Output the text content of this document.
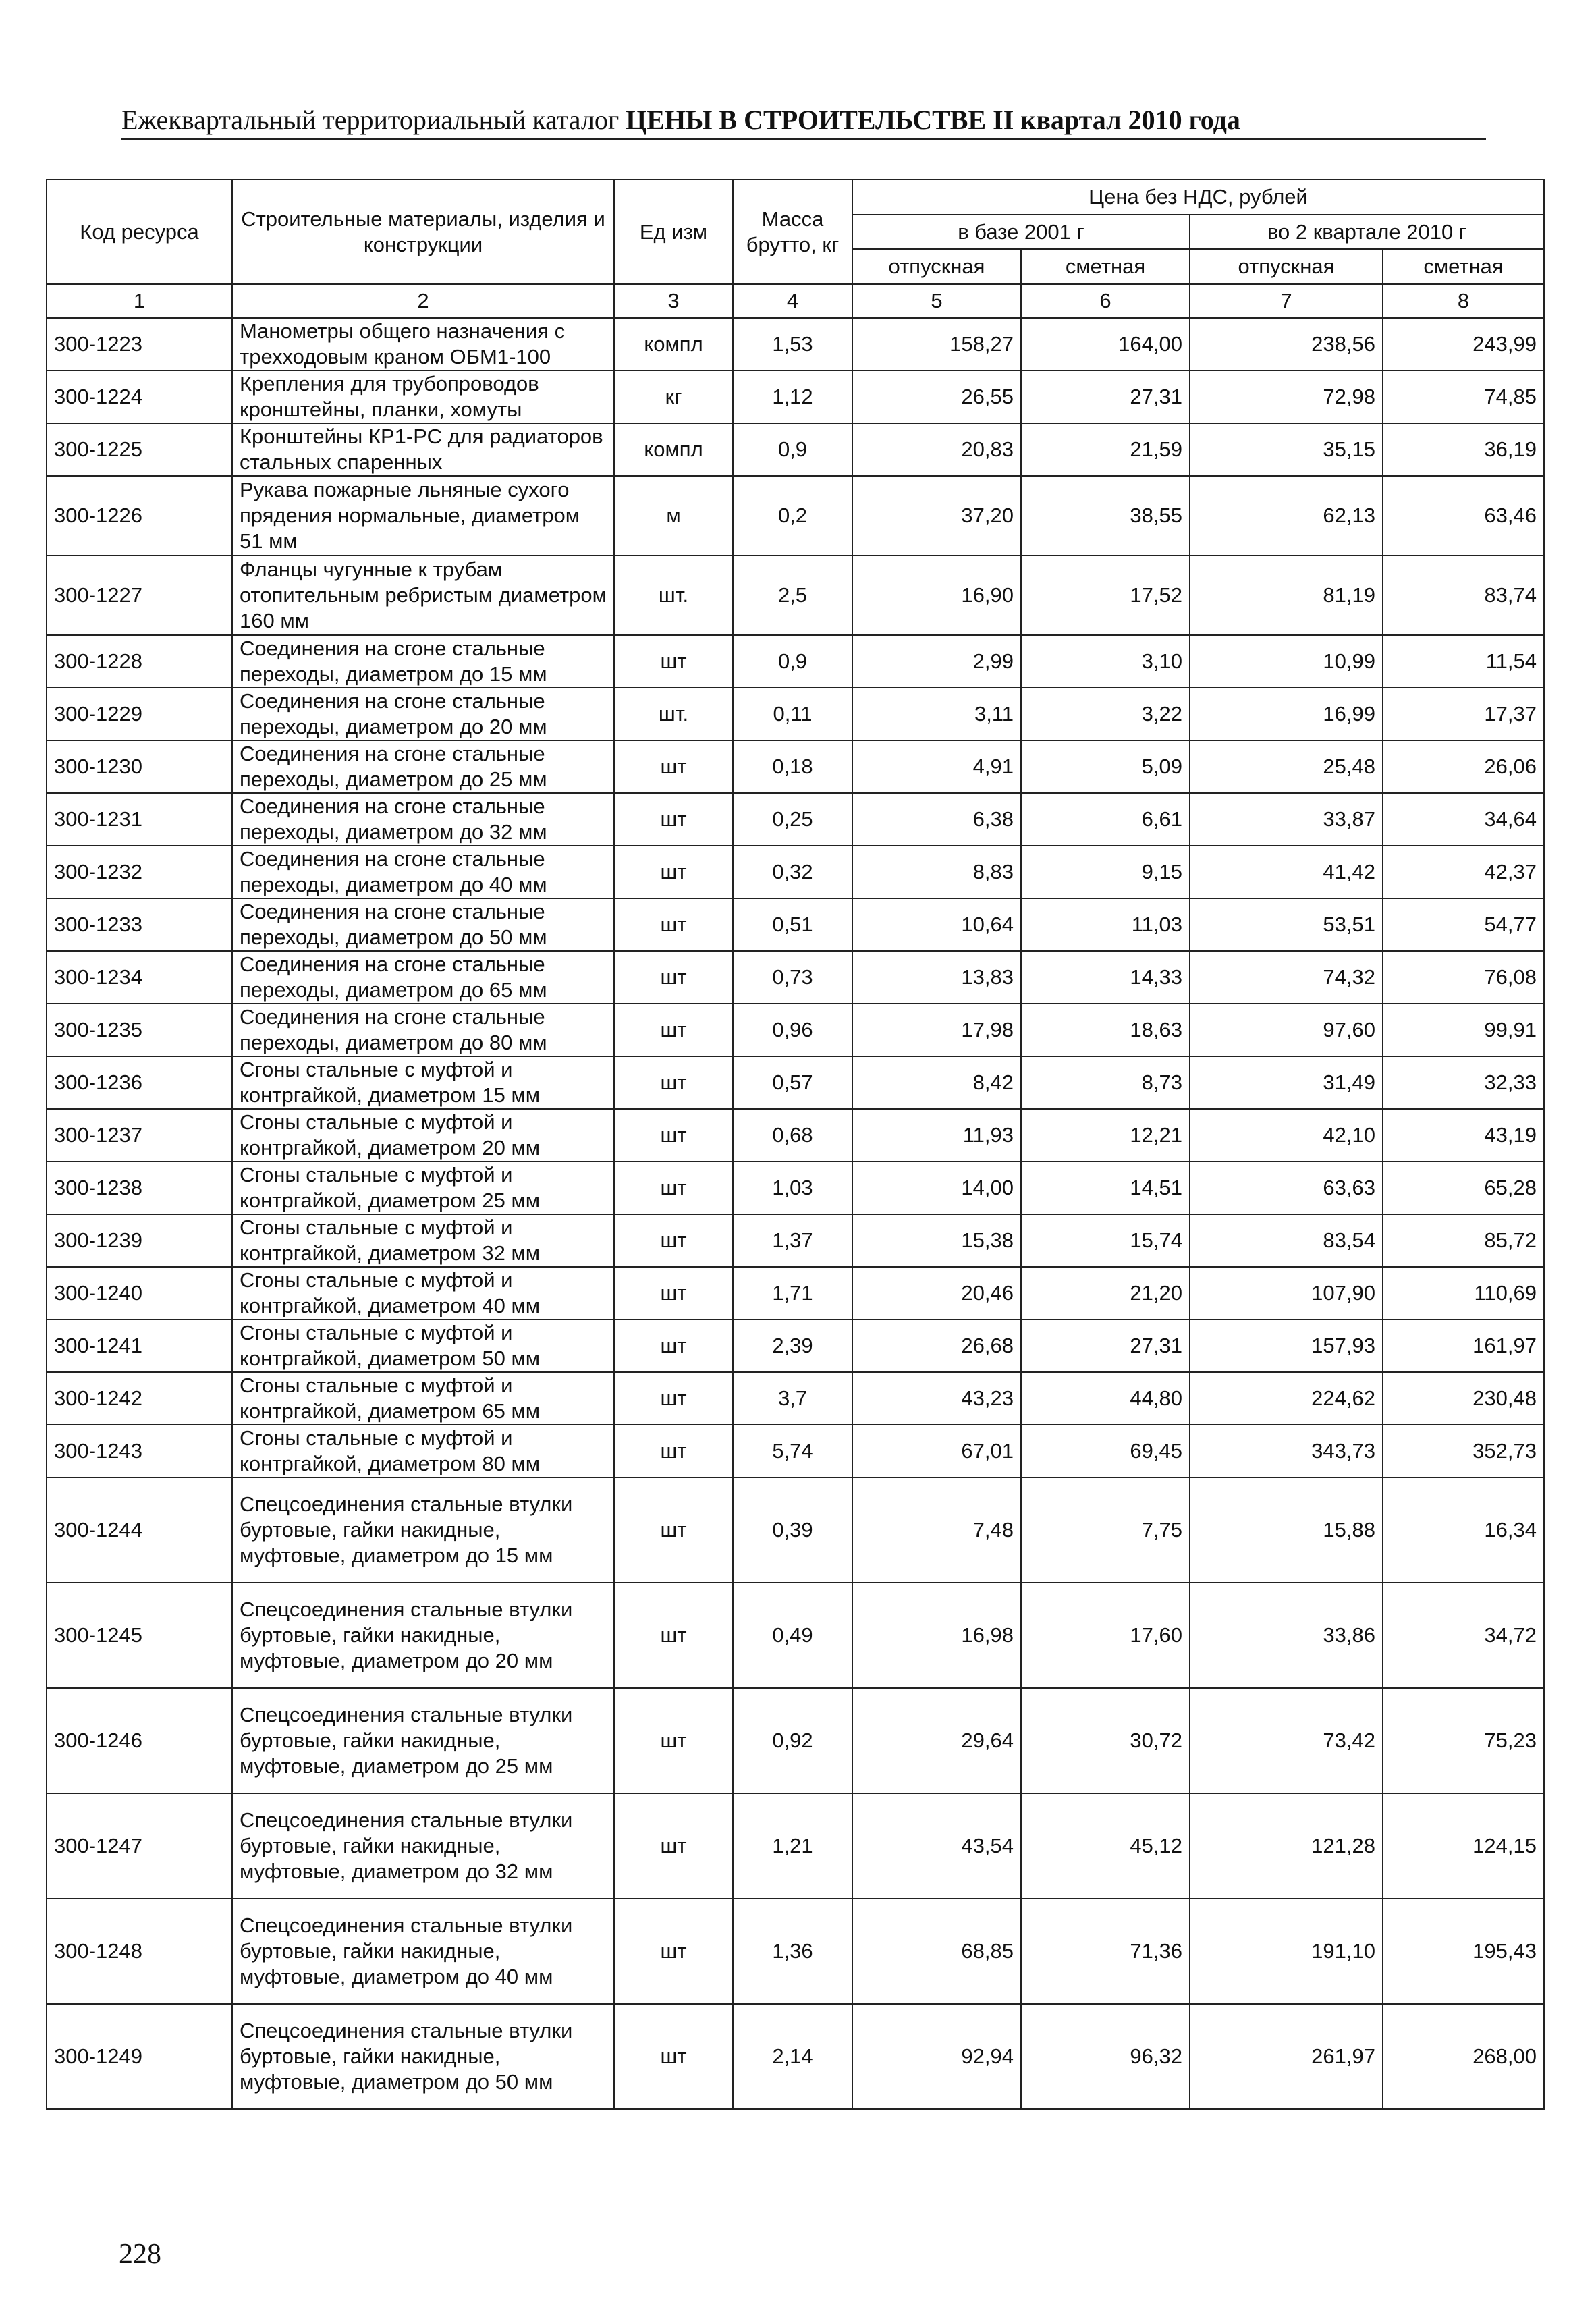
Ежеквартальный территориальный каталог ЦЕНЫ В СТРОИТЕЛЬСТВЕ II квартал 2010 года
Код ресурса	Строительные материалы, изделия и конструкции	Ед изм	Масса брутто, кг	Цена без НДС, рублей			
				в базе 2001 г		во 2 квартале 2010 г	
				отпускная	сметная	отпускная	сметная
1	2	3	4	5	6	7	8
300-1223	Манометры общего назначения с трехходовым краном ОБМ1-100	компл	1,53	158,27	164,00	238,56	243,99
300-1224	Крепления для трубопроводов кронштейны, планки, хомуты	кг	1,12	26,55	27,31	72,98	74,85
300-1225	Кронштейны КР1-РС для радиаторов стальных спаренных	компл	0,9	20,83	21,59	35,15	36,19
300-1226	Рукава пожарные льняные сухого прядения нормальные, диаметром 51 мм	м	0,2	37,20	38,55	62,13	63,46
300-1227	Фланцы чугунные к трубам отопительным ребристым диаметром 160 мм	шт.	2,5	16,90	17,52	81,19	83,74
300-1228	Соединения на сгоне стальные переходы, диаметром до 15 мм	шт	0,9	2,99	3,10	10,99	11,54
300-1229	Соединения на сгоне стальные переходы, диаметром до 20 мм	шт.	0,11	3,11	3,22	16,99	17,37
300-1230	Соединения на сгоне стальные переходы, диаметром до 25 мм	шт	0,18	4,91	5,09	25,48	26,06
300-1231	Соединения на сгоне стальные переходы, диаметром до 32 мм	шт	0,25	6,38	6,61	33,87	34,64
300-1232	Соединения на сгоне стальные переходы, диаметром до 40 мм	шт	0,32	8,83	9,15	41,42	42,37
300-1233	Соединения на сгоне стальные переходы, диаметром до 50 мм	шт	0,51	10,64	11,03	53,51	54,77
300-1234	Соединения на сгоне стальные переходы, диаметром до 65 мм	шт	0,73	13,83	14,33	74,32	76,08
300-1235	Соединения на сгоне стальные переходы, диаметром до 80 мм	шт	0,96	17,98	18,63	97,60	99,91
300-1236	Сгоны стальные с муфтой и контргайкой, диаметром 15 мм	шт	0,57	8,42	8,73	31,49	32,33
300-1237	Сгоны стальные с муфтой и контргайкой, диаметром 20 мм	шт	0,68	11,93	12,21	42,10	43,19
300-1238	Сгоны стальные с муфтой и контргайкой, диаметром 25 мм	шт	1,03	14,00	14,51	63,63	65,28
300-1239	Сгоны стальные с муфтой и контргайкой, диаметром 32 мм	шт	1,37	15,38	15,74	83,54	85,72
300-1240	Сгоны стальные с муфтой и контргайкой, диаметром 40 мм	шт	1,71	20,46	21,20	107,90	110,69
300-1241	Сгоны стальные с муфтой и контргайкой, диаметром 50 мм	шт	2,39	26,68	27,31	157,93	161,97
300-1242	Сгоны стальные с муфтой и контргайкой, диаметром 65 мм	шт	3,7	43,23	44,80	224,62	230,48
300-1243	Сгоны стальные с муфтой и контргайкой, диаметром 80 мм	шт	5,74	67,01	69,45	343,73	352,73
300-1244	Спецсоединения стальные втулки буртовые, гайки накидные, муфтовые, диаметром до 15 мм	шт	0,39	7,48	7,75	15,88	16,34
300-1245	Спецсоединения стальные втулки буртовые, гайки накидные, муфтовые, диаметром до 20 мм	шт	0,49	16,98	17,60	33,86	34,72
300-1246	Спецсоединения стальные втулки буртовые, гайки накидные, муфтовые, диаметром до 25 мм	шт	0,92	29,64	30,72	73,42	75,23
300-1247	Спецсоединения стальные втулки буртовые, гайки накидные, муфтовые, диаметром до 32 мм	шт	1,21	43,54	45,12	121,28	124,15
300-1248	Спецсоединения стальные втулки буртовые, гайки накидные, муфтовые, диаметром до 40 мм	шт	1,36	68,85	71,36	191,10	195,43
300-1249	Спецсоединения стальные втулки буртовые, гайки накидные, муфтовые, диаметром до 50 мм	шт	2,14	92,94	96,32	261,97	268,00
228
